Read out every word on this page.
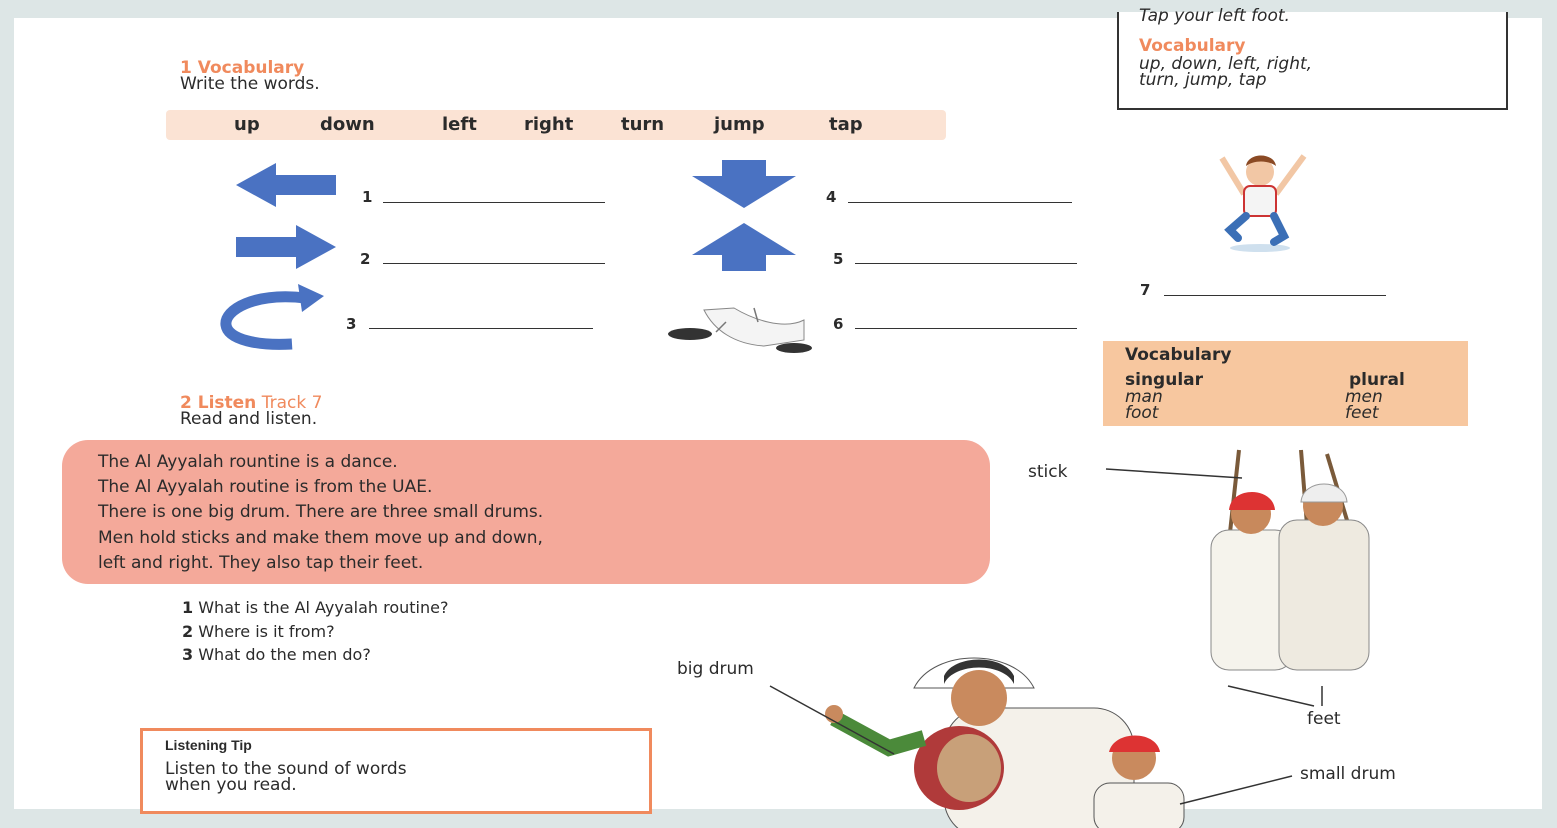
Tap your left foot.
Vocabulary
up, down, left, right,
turn, jump, tap
1 Vocabulary
Write the words.
up	down	left	right	turn	jump	tap
1
2
3
4
5
6
7
Vocabulary
singular	plural
man	men
foot	feet
2 Listen Track 7
Read and listen.

The Al Ayyalah rountine is a dance.

The Al Ayyalah routine is from the UAE.

There is one big drum. There are three small drums.

Men hold sticks and make them move up and down,

left and right. They also tap their feet.

1 What is the Al Ayyalah routine?
2 Where is it from?
3 What do the men do?
Listening Tip
Listen to the sound of words
when you read.
stick
feet
big drum
small drum
